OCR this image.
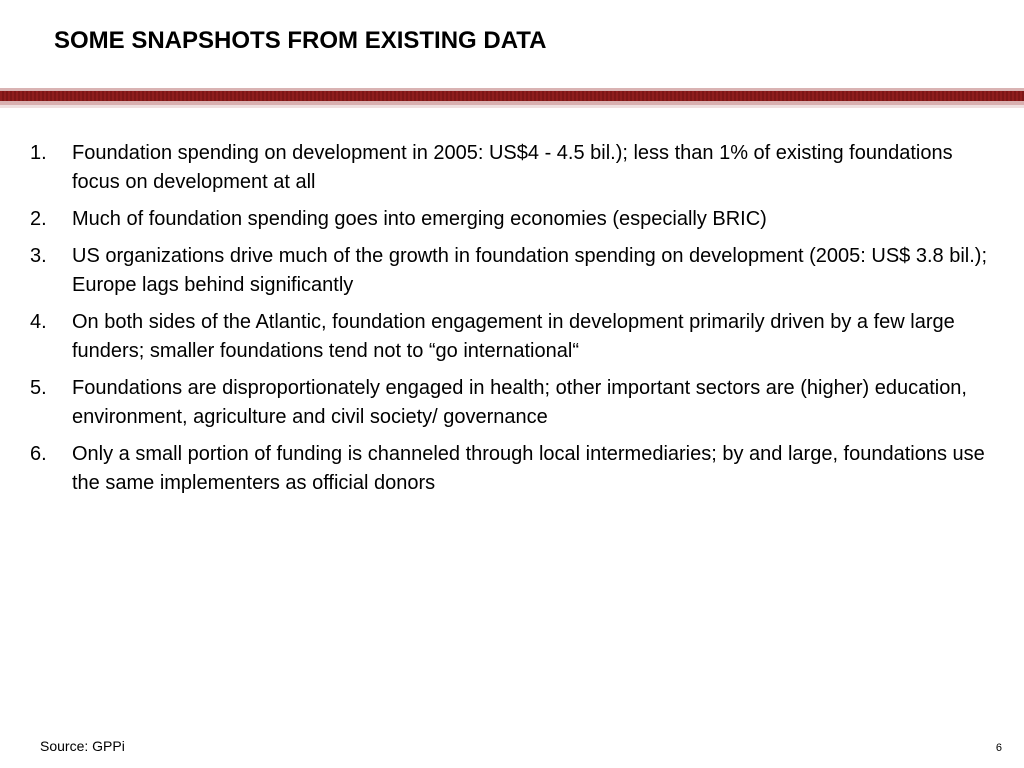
SOME SNAPSHOTS FROM EXISTING DATA
1.	Foundation spending on development in 2005: US$4 - 4.5 bil.); less than 1% of existing foundations focus on development at all
2.	Much of foundation spending goes into emerging economies (especially BRIC)
3.	US organizations drive much of the growth in foundation spending on development (2005: US$ 3.8 bil.); Europe lags behind significantly
4.	On both sides of the Atlantic, foundation engagement in development primarily driven by a few large funders; smaller foundations tend not to “go international“
5.	Foundations are disproportionately engaged in health; other important sectors are (higher) education, environment, agriculture and civil society/ governance
6.	Only a small portion of funding is channeled through local intermediaries; by and large, foundations use the same implementers as official donors
Source: GPPi	6
